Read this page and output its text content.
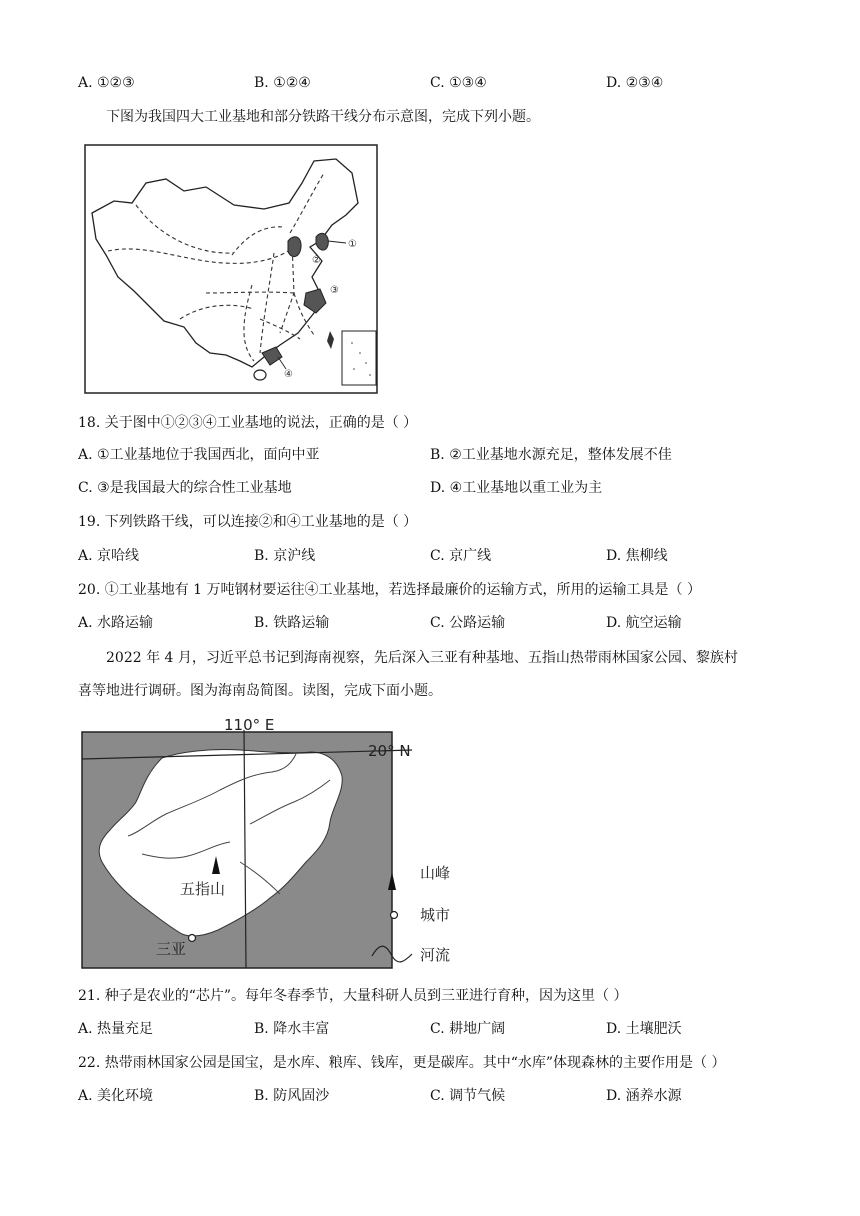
A. ①②③	B. ①②④	C. ①③④	D. ②③④
下图为我国四大工业基地和部分铁路干线分布示意图，完成下列小题。
①
②
③
④
18. 关于图中①②③④工业基地的说法，正确的是（ ）
A. ①工业基地位于我国西北，面向中亚	B. ②工业基地水源充足，整体发展不佳
C. ③是我国最大的综合性工业基地	D. ④工业基地以重工业为主
19. 下列铁路干线，可以连接②和④工业基地的是（ ）
A. 京哈线	B. 京沪线	C. 京广线	D. 焦柳线
20. ①工业基地有 1 万吨钢材要运往④工业基地，若选择最廉价的运输方式，所用的运输工具是（ ）
A. 水路运输	B. 铁路运输	C. 公路运输	D. 航空运输
2022 年 4 月，习近平总书记到海南视察，先后深入三亚有种基地、五指山热带雨林国家公园、黎族村
喜等地进行调研。图为海南岛简图。读图，完成下面小题。
五指山
三亚
110° E
20° N
山峰
城市
河流
21. 种子是农业的“芯片”。每年冬春季节，大量科研人员到三亚进行育种，因为这里（ ）
A. 热量充足	B. 降水丰富	C. 耕地广阔	D. 土壤肥沃
22. 热带雨林国家公园是国宝，是水库、粮库、钱库，更是碳库。其中“水库”体现森林的主要作用是（ ）
A. 美化环境	B. 防风固沙	C. 调节气候	D. 涵养水源
